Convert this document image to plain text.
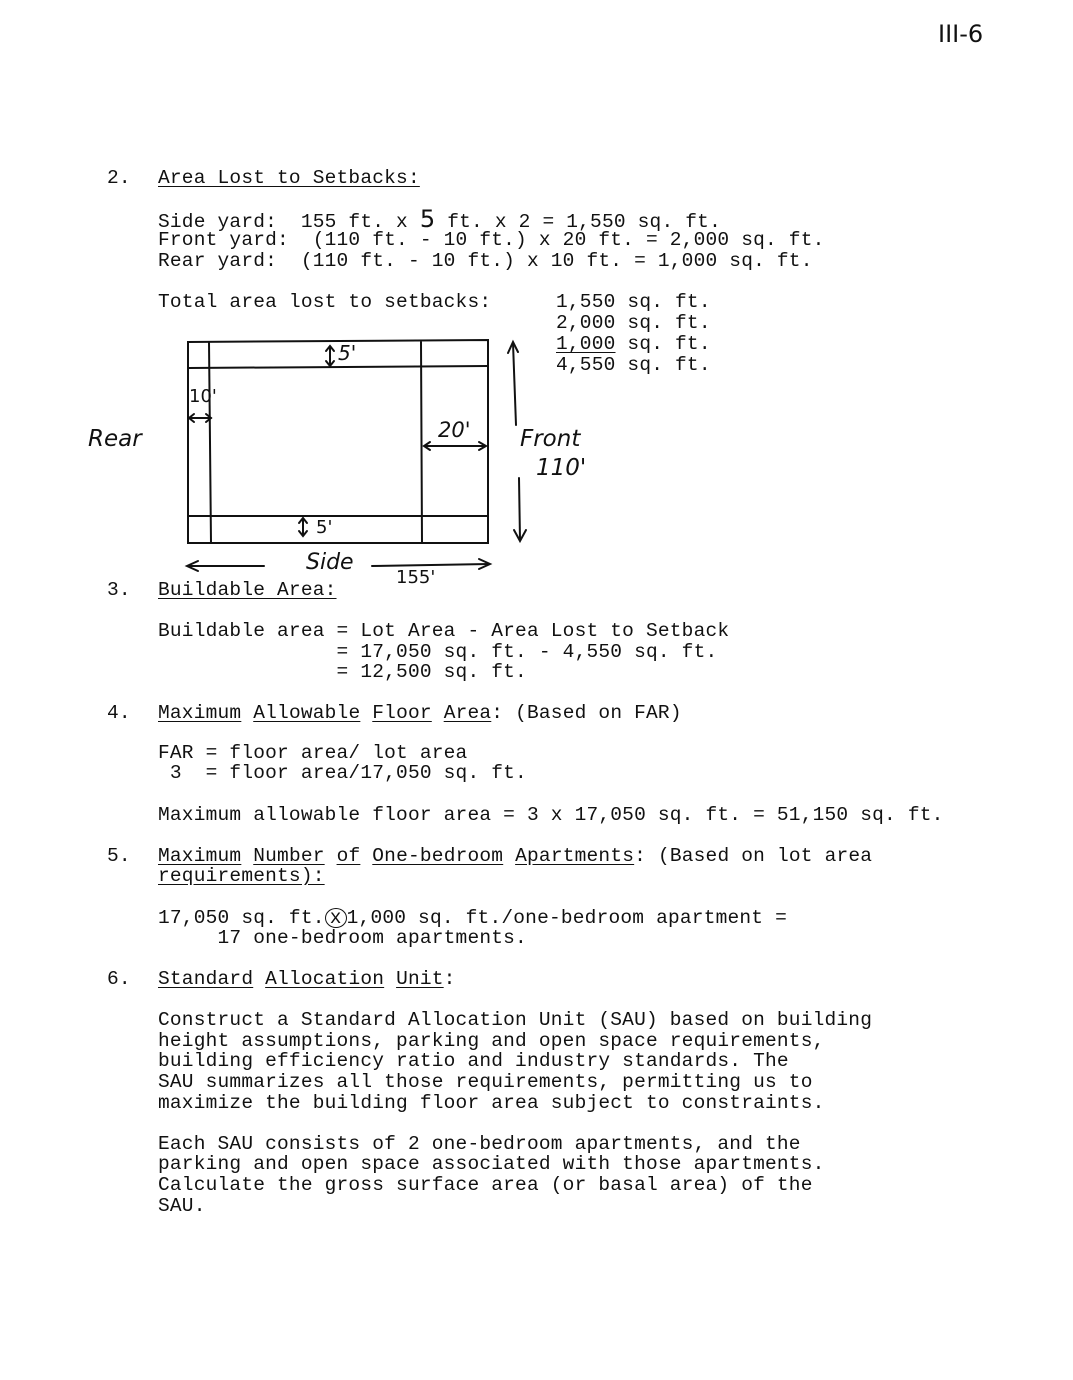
III-6
2. Area Lost to Setbacks:
Side yard:  155 ft. x 5 ft. x 2 = 1,550 sq. ft.
Front yard:  (110 ft. - 10 ft.) x 20 ft. = 2,000 sq. ft.
Rear yard:  (110 ft. - 10 ft.) x 10 ft. = 1,000 sq. ft.
Total area lost to setbacks:	1,550 sq. ft.
2,000 sq. ft.
1,000 sq. ft.
4,550 sq. ft.
5'
10'
20'
5'
Rear	Front
110'
Side
155'
3. Buildable Area:
Buildable area = Lot Area - Area Lost to Setback
= 17,050 sq. ft. - 4,550 sq. ft.
= 12,500 sq. ft.
4. Maximum Allowable Floor Area: (Based on FAR)
FAR = floor area/ lot area
3  = floor area/17,050 sq. ft.
Maximum allowable floor area = 3 x 17,050 sq. ft. = 51,150 sq. ft.
5. Maximum Number of One-bedroom Apartments: (Based on lot area
requirements):
17,050 sq. ft. x 1,000 sq. ft./one-bedroom apartment =
17 one-bedroom apartments.
6. Standard Allocation Unit:
Construct a Standard Allocation Unit (SAU) based on building
height assumptions, parking and open space requirements,
building efficiency ratio and industry standards. The
SAU summarizes all those requirements, permitting us to
maximize the building floor area subject to constraints.
Each SAU consists of 2 one-bedroom apartments, and the
parking and open space associated with those apartments.
Calculate the gross surface area (or basal area) of the
SAU.
